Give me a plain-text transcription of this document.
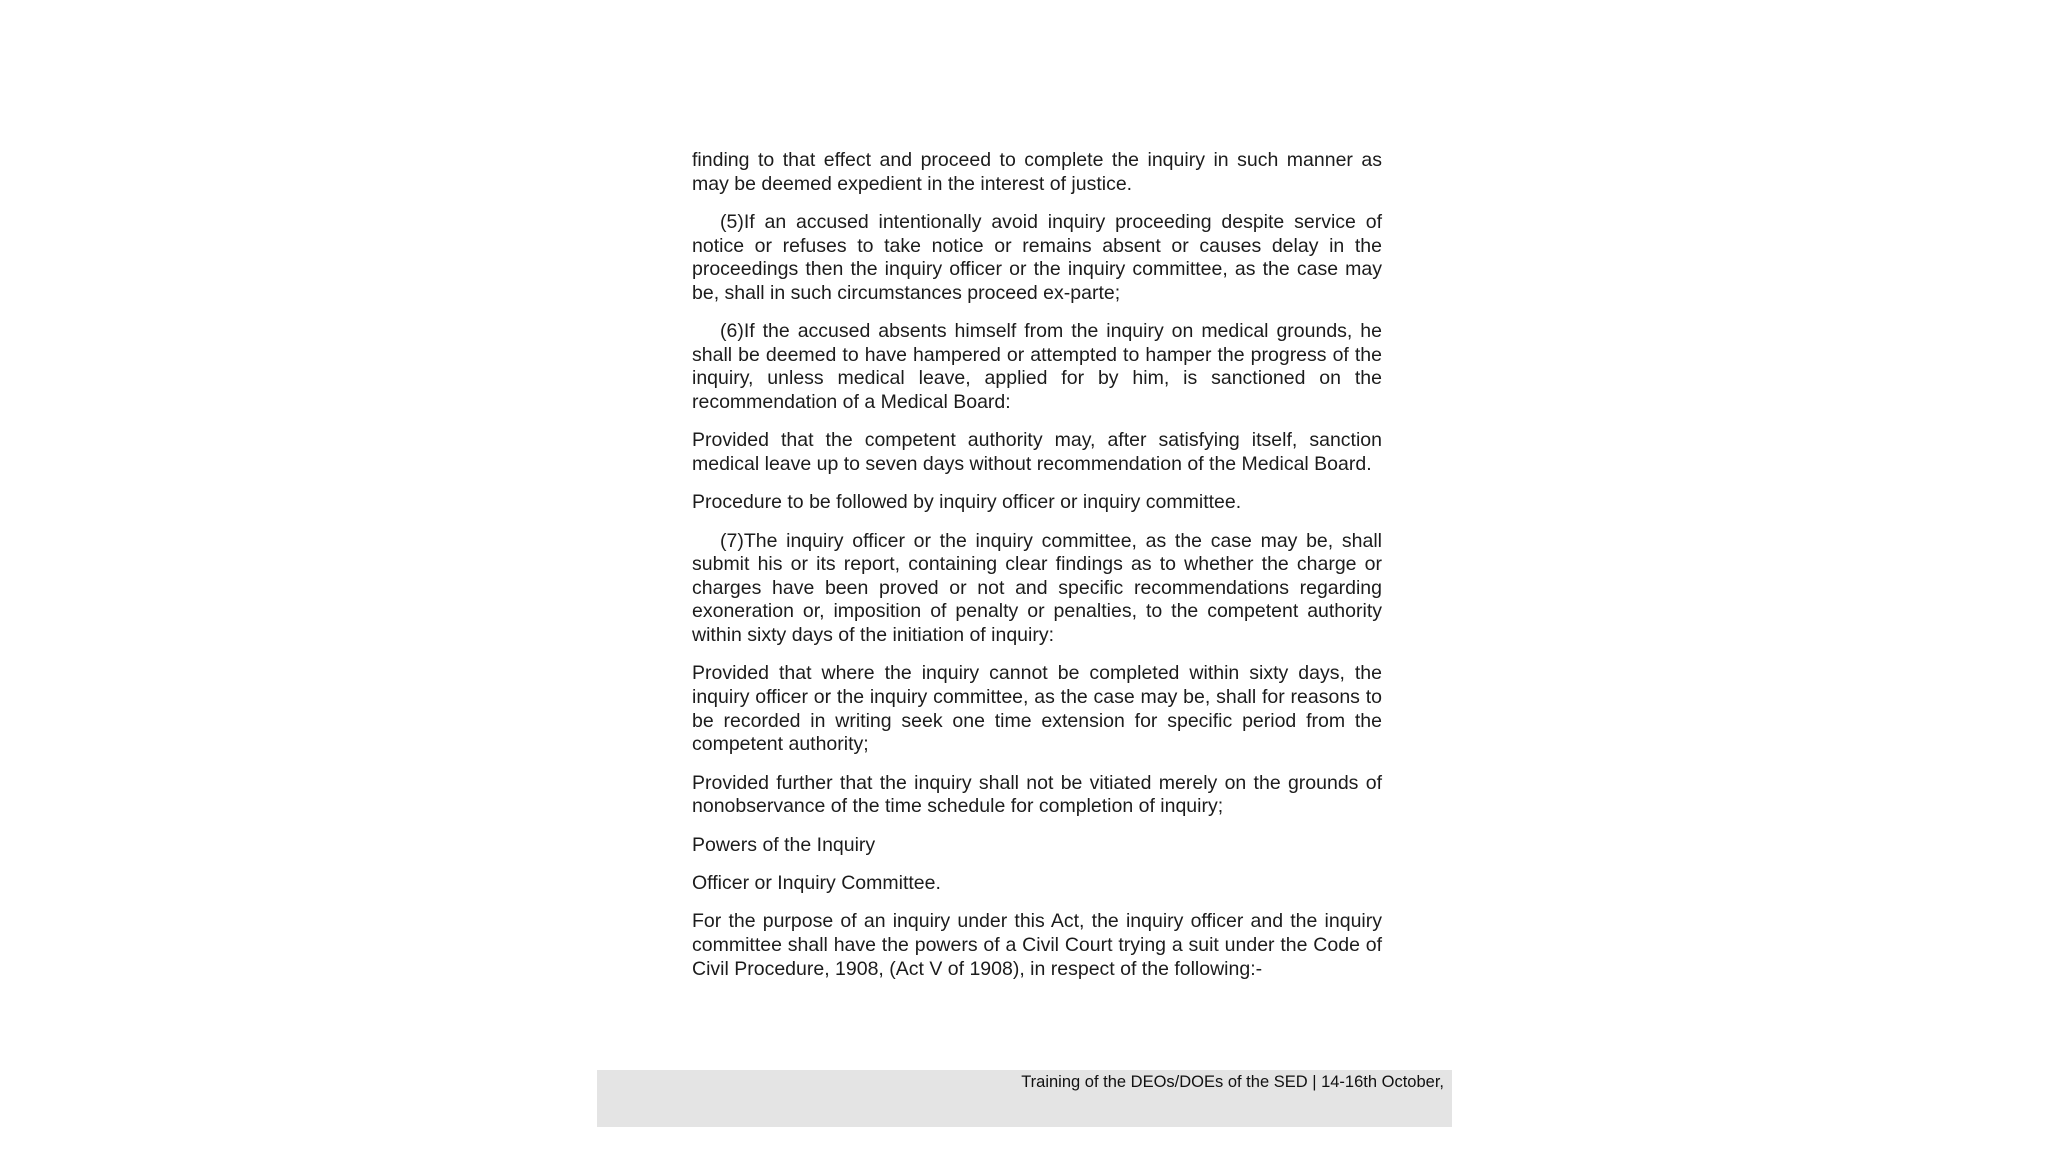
finding to that effect and proceed to complete the inquiry in such manner as may be deemed expedient in the interest of justice.

(5)If an accused intentionally avoid inquiry proceeding despite service of notice or refuses to take notice or remains absent or causes delay in the proceedings then the inquiry officer or the inquiry committee, as the case may be, shall in such circumstances proceed ex-parte;

(6)If the accused absents himself from the inquiry on medical grounds, he shall be deemed to have hampered or attempted to hamper the progress of the inquiry, unless medical leave, applied for by him, is sanctioned on the recommendation of a Medical Board:

Provided that the competent authority may, after satisfying itself, sanction medical leave up to seven days without recommendation of the Medical Board.

Procedure to be followed by inquiry officer or inquiry committee.

(7)The inquiry officer or the inquiry committee, as the case may be, shall submit his or its report, containing clear findings as to whether the charge or charges have been proved or not and specific recommendations regarding exoneration or, imposition of penalty or penalties, to the competent authority within sixty days of the initiation of inquiry:

Provided that where the inquiry cannot be completed within sixty days, the inquiry officer or the inquiry committee, as the case may be, shall for reasons to be recorded in writing seek one time extension for specific period from the competent authority;

Provided further that the inquiry shall not be vitiated merely on the grounds of nonobservance of the time schedule for completion of inquiry;

Powers of the Inquiry

Officer or Inquiry Committee.

For the purpose of an inquiry under this Act, the inquiry officer and the inquiry committee shall have the powers of a Civil Court trying a suit under the Code of Civil Procedure, 1908, (Act V of 1908), in respect of the following:-

Training of the DEOs/DOEs of the SED | 14-16th October,
